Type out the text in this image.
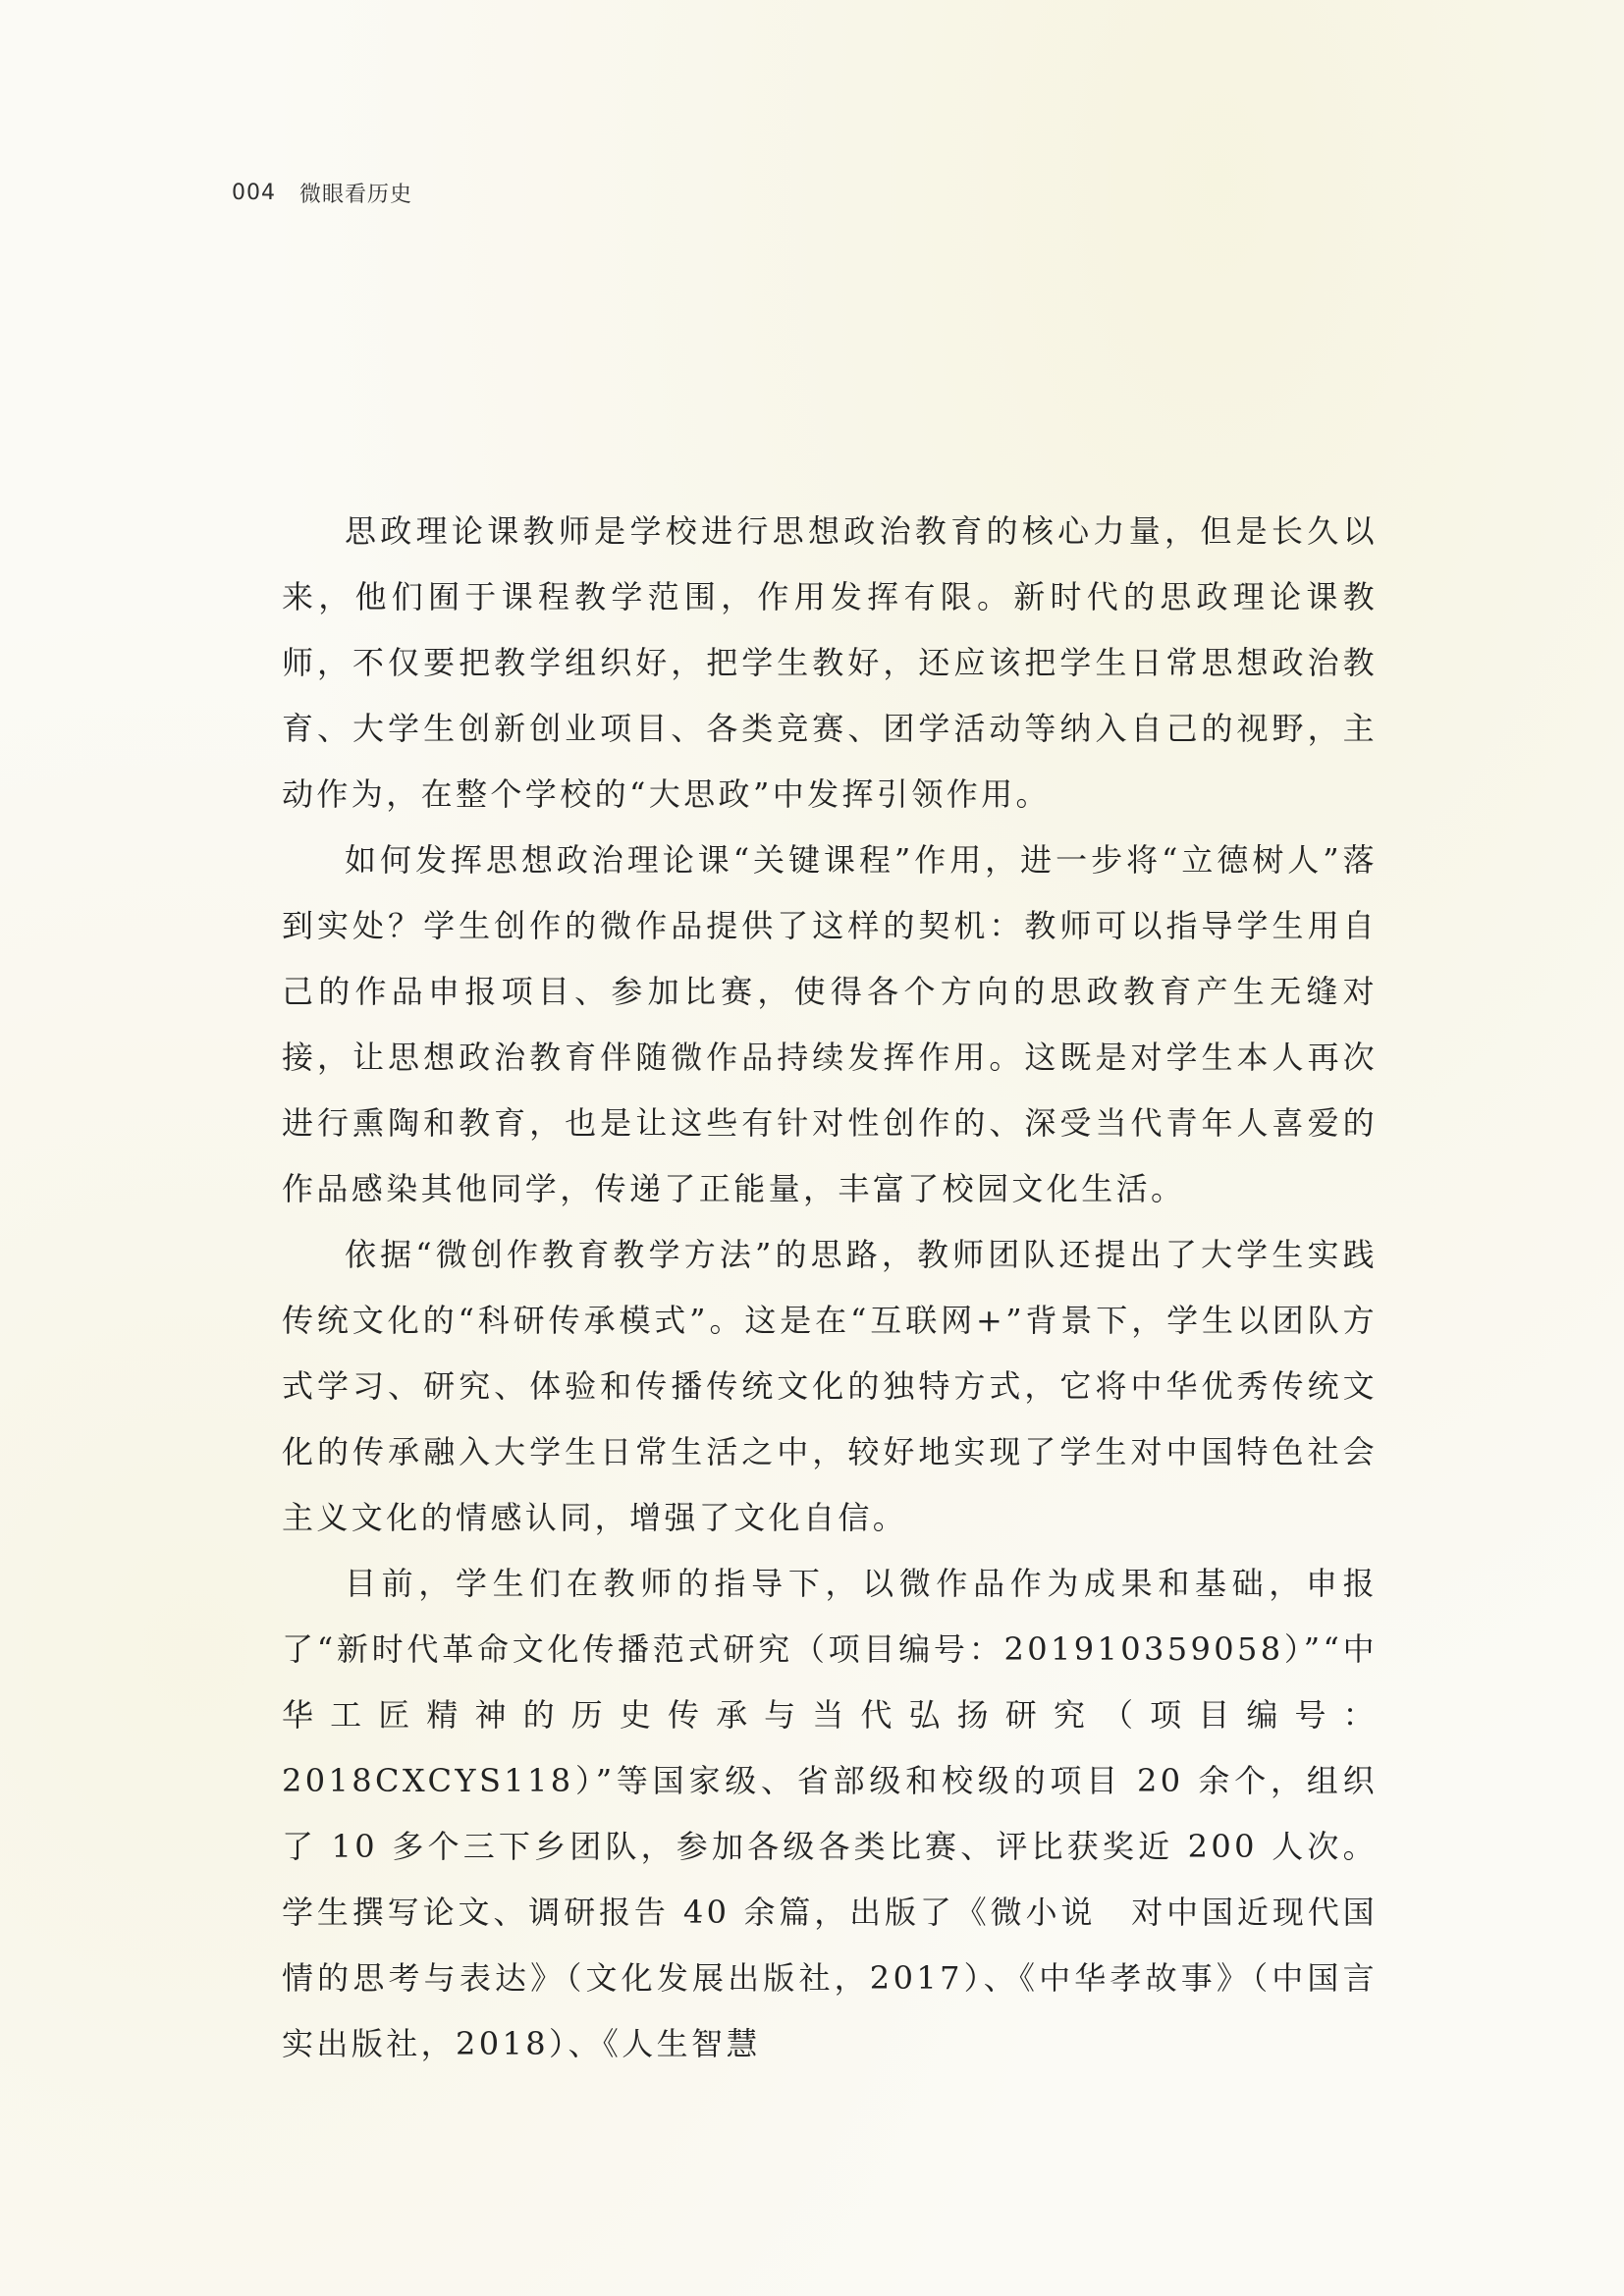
004 微眼看历史

思政理论课教师是学校进行思想政治教育的核心力量，但是长久以来，他们囿于课程教学范围，作用发挥有限。新时代的思政理论课教师，不仅要把教学组织好，把学生教好，还应该把学生日常思想政治教育、大学生创新创业项目、各类竞赛、团学活动等纳入自己的视野，主动作为，在整个学校的“大思政”中发挥引领作用。

如何发挥思想政治理论课“关键课程”作用，进一步将“立德树人”落到实处？学生创作的微作品提供了这样的契机：教师可以指导学生用自己的作品申报项目、参加比赛，使得各个方向的思政教育产生无缝对接，让思想政治教育伴随微作品持续发挥作用。这既是对学生本人再次进行熏陶和教育，也是让这些有针对性创作的、深受当代青年人喜爱的作品感染其他同学，传递了正能量，丰富了校园文化生活。

依据“微创作教育教学方法”的思路，教师团队还提出了大学生实践传统文化的“科研传承模式”。这是在“互联网+”背景下，学生以团队方式学习、研究、体验和传播传统文化的独特方式，它将中华优秀传统文化的传承融入大学生日常生活之中，较好地实现了学生对中国特色社会主义文化的情感认同，增强了文化自信。

目前，学生们在教师的指导下，以微作品作为成果和基础，申报了“新时代革命文化传播范式研究（项目编号：201910359058）”“中华工匠精神的历史传承与当代弘扬研究（项目编号：2018CXCYS118）”等国家级、省部级和校级的项目 20 余个，组织了 10 多个三下乡团队，参加各级各类比赛、评比获奖近 200 人次。学生撰写论文、调研报告 40 余篇，出版了《微小说　对中国近现代国情的思考与表达》（文化发展出版社，2017）、《中华孝故事》（中国言实出版社，2018）、《人生智慧
